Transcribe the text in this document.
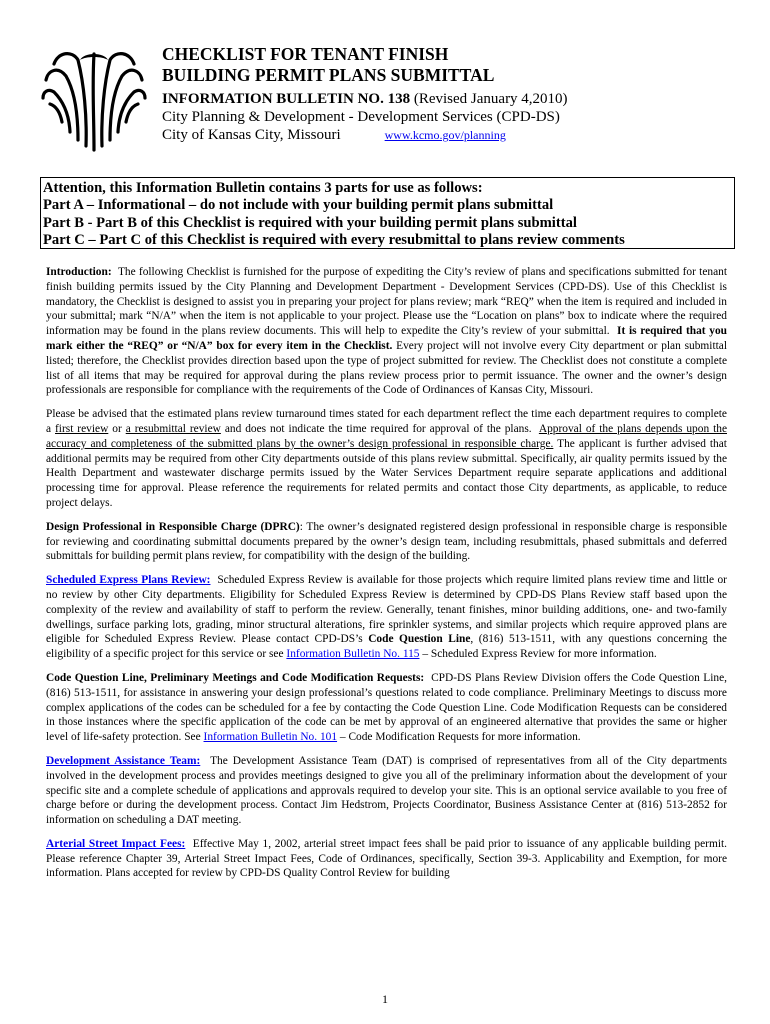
CHECKLIST FOR TENANT FINISH
BUILDING PERMIT PLANS SUBMITTAL
INFORMATION BULLETIN NO. 138 (Revised January 4,2010)
City Planning & Development - Development Services (CPD-DS)
City of Kansas City, Missouri	www.kcmo.gov/planning
Attention, this Information Bulletin contains 3 parts for use as follows:
Part A – Informational – do not include with your building permit plans submittal
Part B - Part B of this Checklist is required with your building permit plans submittal
Part C – Part C of this Checklist is required with every resubmittal to plans review comments

Introduction: The following Checklist is furnished for the purpose of expediting the City’s review of plans and specifications submitted for tenant finish building permits issued by the City Planning and Development Department - Development Services (CPD-DS). Use of this Checklist is mandatory, the Checklist is designed to assist you in preparing your project for plans review; mark “REQ” when the item is required and included in your submittal; mark “N/A” when the item is not applicable to your project. Please use the “Location on plans” box to indicate where the required information may be found in the plans review documents. This will help to expedite the City’s review of your submittal. It is required that you mark either the “REQ” or “N/A” box for every item in the Checklist. Every project will not involve every City department or plan submittal listed; therefore, the Checklist provides direction based upon the type of project submitted for review. The Checklist does not constitute a complete list of all items that may be required for approval during the plans review process prior to permit issuance. The owner and the owner’s design professionals are responsible for compliance with the requirements of the Code of Ordinances of Kansas City, Missouri.

Please be advised that the estimated plans review turnaround times stated for each department reflect the time each department requires to complete a first review or a resubmittal review and does not indicate the time required for approval of the plans. Approval of the plans depends upon the accuracy and completeness of the submitted plans by the owner’s design professional in responsible charge. The applicant is further advised that additional permits may be required from other City departments outside of this plans review submittal. Specifically, air quality permits issued by the Health Department and wastewater discharge permits issued by the Water Services Department require separate applications and additional processing time for approval. Please reference the requirements for related permits and contact those City departments, as applicable, to reduce project delays.

Design Professional in Responsible Charge (DPRC): The owner’s designated registered design professional in responsible charge is responsible for reviewing and coordinating submittal documents prepared by the owner’s design team, including resubmittals, phased submittals and deferred submittals for building permit plans review, for compatibility with the design of the building.

Scheduled Express Plans Review: Scheduled Express Review is available for those projects which require limited plans review time and little or no review by other City departments. Eligibility for Scheduled Express Review is determined by CPD-DS Plans Review staff based upon the complexity of the review and availability of staff to perform the review. Generally, tenant finishes, minor building additions, one- and two-family dwellings, surface parking lots, grading, minor structural alterations, fire sprinkler systems, and similar projects which require approved plans are eligible for Scheduled Express Review. Please contact CPD-DS’s Code Question Line, (816) 513-1511, with any questions concerning the eligibility of a specific project for this service or see Information Bulletin No. 115 – Scheduled Express Review for more information.

Code Question Line, Preliminary Meetings and Code Modification Requests: CPD-DS Plans Review Division offers the Code Question Line, (816) 513-1511, for assistance in answering your design professional’s questions related to code compliance. Preliminary Meetings to discuss more complex applications of the codes can be scheduled for a fee by contacting the Code Question Line. Code Modification Requests can be considered in those instances where the specific application of the code can be met by approval of an engineered alternative that provides the same or higher level of life-safety protection. See Information Bulletin No. 101 – Code Modification Requests for more information.

Development Assistance Team: The Development Assistance Team (DAT) is comprised of representatives from all of the City departments involved in the development process and provides meetings designed to give you all of the preliminary information about the development of your specific site and a complete schedule of applications and approvals required to develop your site. This is an optional service available to you free of charge before or during the development process. Contact Jim Hedstrom, Projects Coordinator, Business Assistance Center at (816) 513-2852 for information on scheduling a DAT meeting.

Arterial Street Impact Fees: Effective May 1, 2002, arterial street impact fees shall be paid prior to issuance of any applicable building permit. Please reference Chapter 39, Arterial Street Impact Fees, Code of Ordinances, specifically, Section 39-3. Applicability and Exemption, for more information. Plans accepted for review by CPD-DS Quality Control Review for building

1
